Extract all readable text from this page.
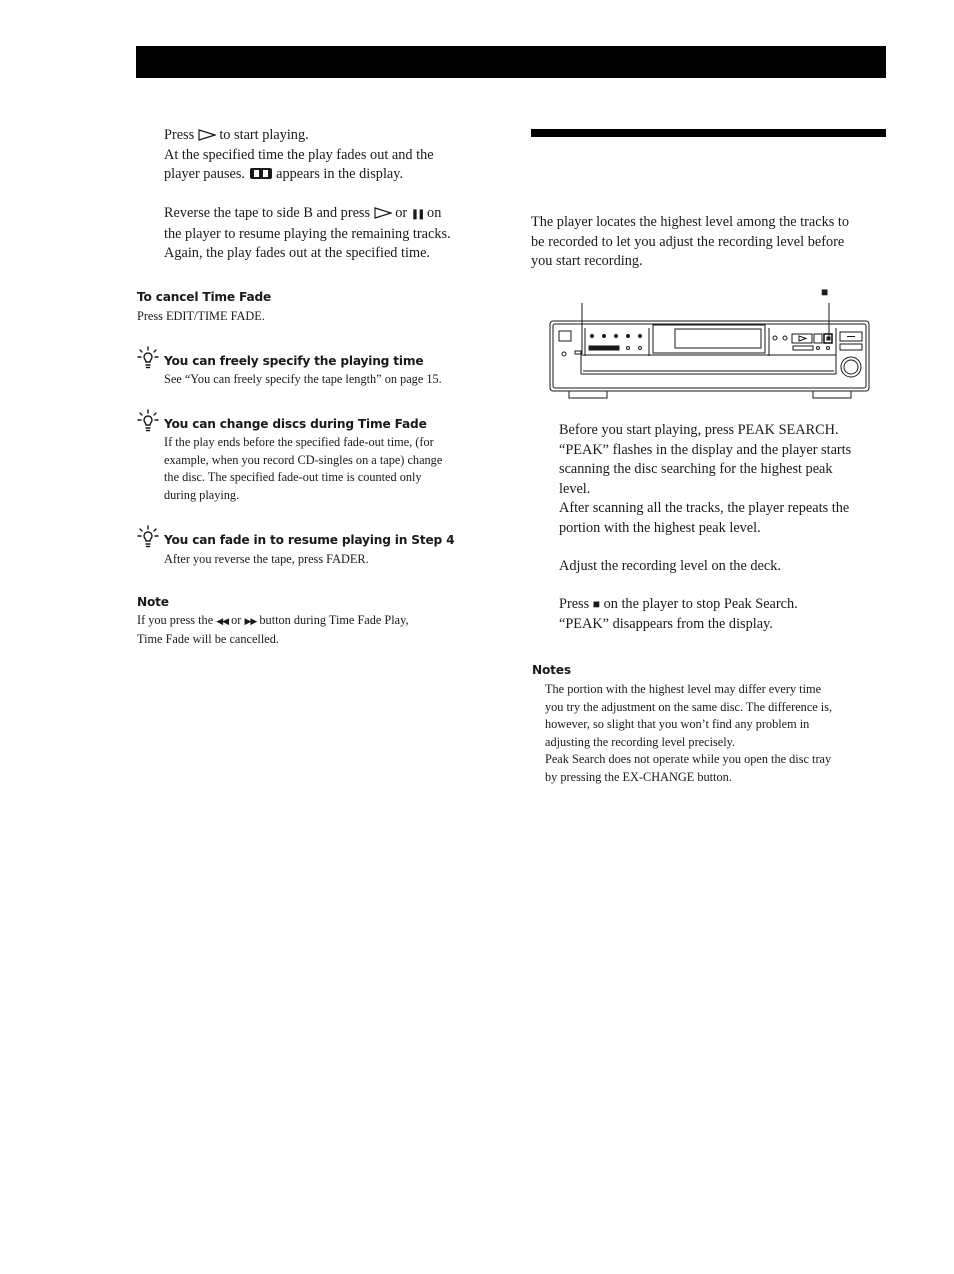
Press  to start playing.
At the specified time the play fades out and the
player pauses.  appears in the display.
Reverse the tape to side B and press  or ❚❚ on
the player to resume playing the remaining tracks.
Again, the play fades out at the specified time.
To cancel Time Fade
Press EDIT/TIME FADE.
You can freely specify the playing time
See “You can freely specify the tape length” on page 15.
You can change discs during Time Fade
If the play ends before the specified fade-out time, (for
example, when you record CD-singles on a tape) change
the disc. The specified fade-out time is counted only
during playing.
You can fade in to resume playing in Step 4
After you reverse the tape, press FADER.
Note
If you press the ◀◀ or ▶▶ button during Time Fade Play,
Time Fade will be cancelled.
The player locates the highest level among the tracks to
be recorded to let you adjust the recording level before
you start recording.
■
Before you start playing, press PEAK SEARCH.
“PEAK” flashes in the display and the player starts
scanning the disc searching for the highest peak
level.
After scanning all the tracks, the player repeats the
portion with the highest peak level.
Adjust the recording level on the deck.
Press ■ on the player to stop Peak Search.
“PEAK” disappears from the display.
Notes
The portion with the highest level may differ every time
you try the adjustment on the same disc. The difference is,
however, so slight that you won’t find any problem in
adjusting the recording level precisely.
Peak Search does not operate while you open the disc tray
by pressing the EX-CHANGE button.
